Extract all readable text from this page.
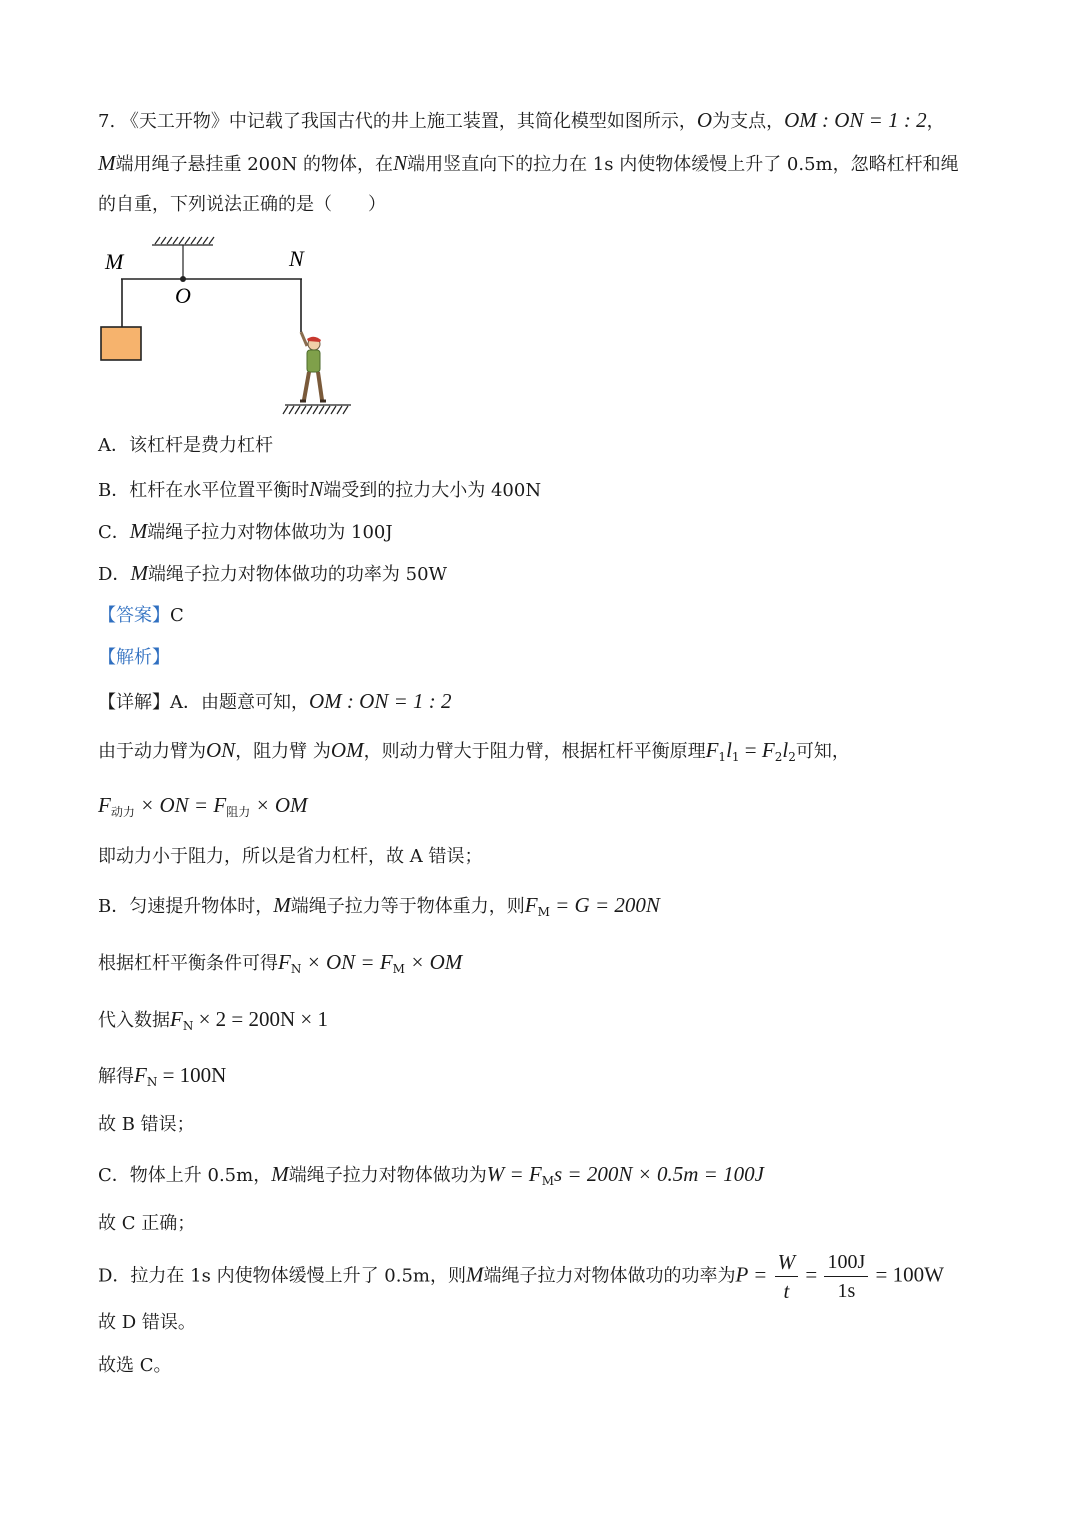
7. 《天工开物》中记载了我国古代的井上施工装置，其简化模型如图所示，O为支点，OM : ON = 1 : 2，
M端用绳子悬挂重 200N 的物体，在N端用竖直向下的拉力在 1s 内使物体缓慢上升了 0.5m，忽略杠杆和绳
的自重，下列说法正确的是（　　）
M	N
O
A．该杠杆是费力杠杆
B．杠杆在水平位置平衡时N端受到的拉力大小为 400N
C．M端绳子拉力对物体做功为 100J
D．M端绳子拉力对物体做功的功率为 50W
【答案】C
【解析】
【详解】A．由题意可知，OM : ON = 1 : 2
由于动力臂为ON，阻力臂 为OM，则动力臂大于阻力臂，根据杠杆平衡原理$F_1l_1 = F_2l_2$可知，
$F_{动力}$ × ON = $F_{阻力}$ × OM
即动力小于阻力，所以是省力杠杆，故 A 错误；
B．匀速提升物体时，M端绳子拉力等于物体重力，则$F_M = G = 200N$
根据杠杆平衡条件可得$F_N$ × ON = $F_M$ × OM
代入数据$F_N \times 2 = 200N \times 1$
解得$F_N = 100N$
故 B 错误；
C．物体上升 0.5m，M端绳子拉力对物体做功为$W = F_Ms = 200N \times 0.5m = 100J$
故 C 正确；
D．拉力在 1s 内使物体缓慢上升了 0.5m，则M端绳子拉力对物体做功的功率为$P = \frac{W}{t} = \frac{100J}{1s} = 100W$
故 D 错误。
故选 C。
